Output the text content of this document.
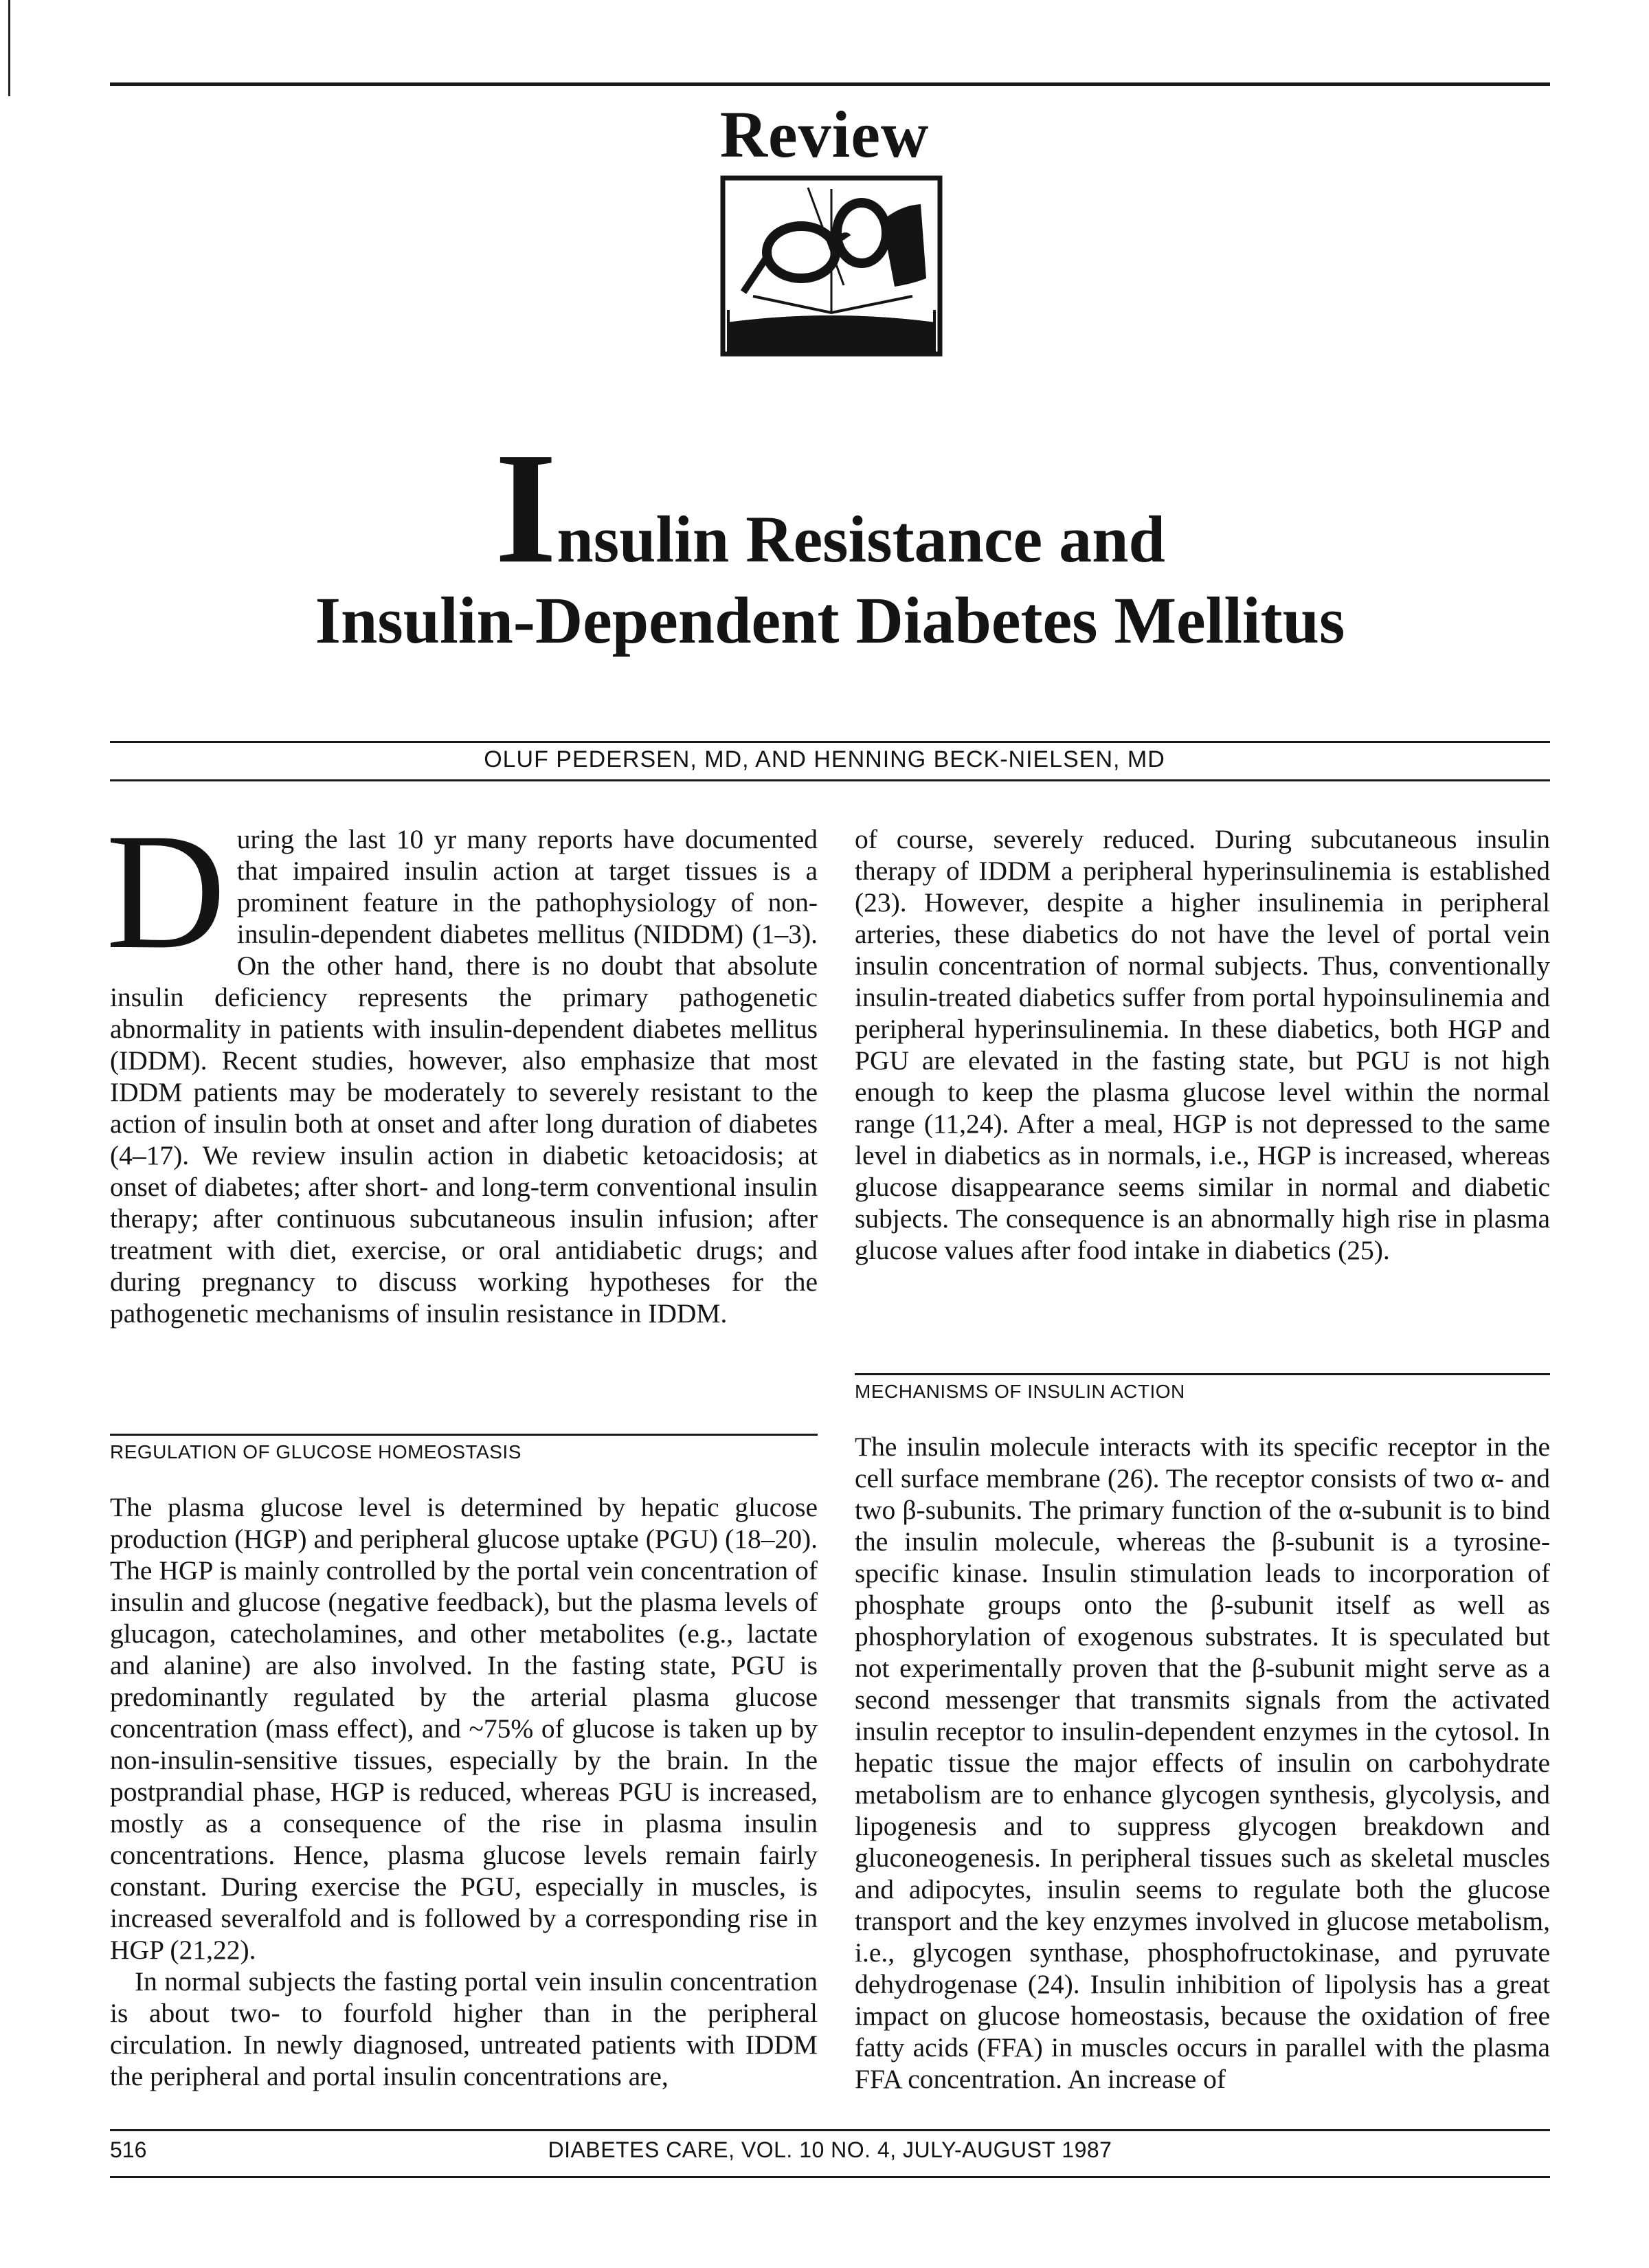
Review
Insulin Resistance and
Insulin-Dependent Diabetes Mellitus
OLUF PEDERSEN, MD, AND HENNING BECK-NIELSEN, MD

During the last 10 yr many reports have documented that impaired insulin action at target tissues is a prominent feature in the pathophysiology of non-insulin-dependent diabetes mellitus (NIDDM) (1–3). On the other hand, there is no doubt that absolute insulin deficiency represents the primary pathogenetic abnormality in patients with insulin-dependent diabetes mellitus (IDDM). Recent studies, however, also emphasize that most IDDM patients may be moderately to severely resistant to the action of insulin both at onset and after long duration of diabetes (4–17). We review insulin action in diabetic ketoacidosis; at onset of diabetes; after short- and long-term conventional insulin therapy; after continuous subcutaneous insulin infusion; after treatment with diet, exercise, or oral antidiabetic drugs; and during pregnancy to discuss working hypotheses for the pathogenetic mechanisms of insulin resistance in IDDM.

of course, severely reduced. During subcutaneous insulin therapy of IDDM a peripheral hyperinsulinemia is established (23). However, despite a higher insulinemia in peripheral arteries, these diabetics do not have the level of portal vein insulin concentration of normal subjects. Thus, conventionally insulin-treated diabetics suffer from portal hypoinsulinemia and peripheral hyperinsulinemia. In these diabetics, both HGP and PGU are elevated in the fasting state, but PGU is not high enough to keep the plasma glucose level within the normal range (11,24). After a meal, HGP is not depressed to the same level in diabetics as in normals, i.e., HGP is increased, whereas glucose disappearance seems similar in normal and diabetic subjects. The consequence is an abnormally high rise in plasma glucose values after food intake in diabetics (25).

REGULATION OF GLUCOSE HOMEOSTASIS

The plasma glucose level is determined by hepatic glucose production (HGP) and peripheral glucose uptake (PGU) (18–20). The HGP is mainly controlled by the portal vein concentration of insulin and glucose (negative feedback), but the plasma levels of glucagon, catecholamines, and other metabolites (e.g., lactate and alanine) are also involved. In the fasting state, PGU is predominantly regulated by the arterial plasma glucose concentration (mass effect), and ~75% of glucose is taken up by non-insulin-sensitive tissues, especially by the brain. In the postprandial phase, HGP is reduced, whereas PGU is increased, mostly as a consequence of the rise in plasma insulin concentrations. Hence, plasma glucose levels remain fairly constant. During exercise the PGU, especially in muscles, is increased severalfold and is followed by a corresponding rise in HGP (21,22).

In normal subjects the fasting portal vein insulin concentration is about two- to fourfold higher than in the peripheral circulation. In newly diagnosed, untreated patients with IDDM the peripheral and portal insulin concentrations are,

MECHANISMS OF INSULIN ACTION

The insulin molecule interacts with its specific receptor in the cell surface membrane (26). The receptor consists of two α- and two β-subunits. The primary function of the α-subunit is to bind the insulin molecule, whereas the β-subunit is a tyrosine-specific kinase. Insulin stimulation leads to incorporation of phosphate groups onto the β-subunit itself as well as phosphorylation of exogenous substrates. It is speculated but not experimentally proven that the β-subunit might serve as a second messenger that transmits signals from the activated insulin receptor to insulin-dependent enzymes in the cytosol. In hepatic tissue the major effects of insulin on carbohydrate metabolism are to enhance glycogen synthesis, glycolysis, and lipogenesis and to suppress glycogen breakdown and gluconeogenesis. In peripheral tissues such as skeletal muscles and adipocytes, insulin seems to regulate both the glucose transport and the key enzymes involved in glucose metabolism, i.e., glycogen synthase, phosphofructokinase, and pyruvate dehydrogenase (24). Insulin inhibition of lipolysis has a great impact on glucose homeostasis, because the oxidation of free fatty acids (FFA) in muscles occurs in parallel with the plasma FFA concentration. An increase of

DIABETES CARE, VOL. 10 NO. 4, JULY-AUGUST 1987
516
